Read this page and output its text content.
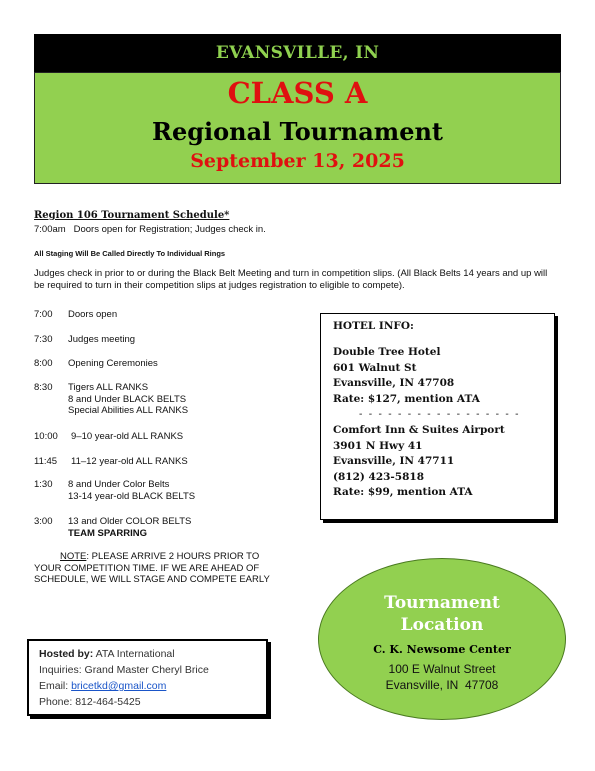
EVANSVILLE, IN
CLASS A
Regional Tournament
September 13, 2025
Region 106 Tournament Schedule*
7:00am   Doors open for Registration; Judges check in.
All Staging Will Be Called Directly To Individual Rings
Judges check in prior to or during the Black Belt Meeting and turn in competition slips. (All Black Belts 14 years and up will be required to turn in their competition slips at judges registration to eligible to compete).
7:00	Doors open
7:30	Judges meeting
8:00	Opening Ceremonies
8:30	Tigers ALL RANKS
8 and Under BLACK BELTS
Special Abilities ALL RANKS
10:00	9–10 year-old ALL RANKS
11:45	11–12 year-old ALL RANKS
1:30	8 and Under Color Belts
13-14 year-old BLACK BELTS
3:00	13 and Older COLOR BELTS
TEAM SPARRING
NOTE: PLEASE ARRIVE 2 HOURS PRIOR TO YOUR COMPETITION TIME. IF WE ARE AHEAD OF SCHEDULE, WE WILL STAGE AND COMPETE EARLY
HOTEL INFO:
Double Tree Hotel
601 Walnut St
Evansville, IN 47708
Rate: $127, mention ATA
- - - - - - - - - - - - - - - - -
Comfort Inn & Suites Airport
3901 N Hwy 41
Evansville, IN 47711
(812) 423-5818
Rate: $99, mention ATA
Hosted by: ATA International
Inquiries: Grand Master Cheryl Brice
Email: bricetkd@gmail.com
Phone: 812-464-5425
Tournament
Location
C. K. Newsome Center
100 E Walnut Street
Evansville, IN  47708
